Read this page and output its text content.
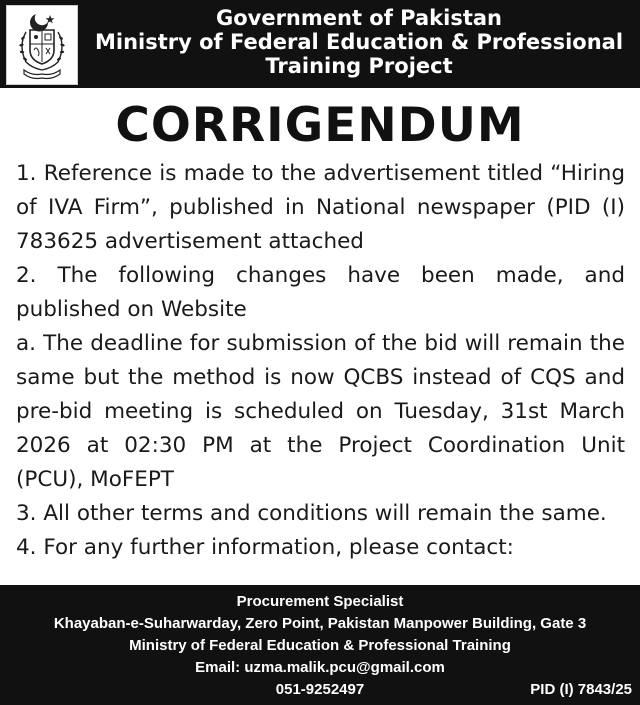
Government of Pakistan
Ministry of Federal Education & Professional
Training Project
CORRIGENDUM

1. Reference is made to the advertisement titled “Hiring of IVA Firm”, published in National newspaper (PID (I) 783625 advertisement attached

2. The following changes have been made, and published on Website

a. The deadline for submission of the bid will remain the same but the method is now QCBS instead of CQS and pre-bid meeting is scheduled on Tuesday, 31st March 2026 at 02:30 PM at the Project Coordination Unit (PCU), MoFEPT

3. All other terms and conditions will remain the same.

4. For any further information, please contact:

Procurement Specialist
Khayaban-e-Suharwarday, Zero Point, Pakistan Manpower Building, Gate 3
Ministry of Federal Education & Professional Training
Email: uzma.malik.pcu@gmail.com
051-9252497	PID (I) 7843/25
